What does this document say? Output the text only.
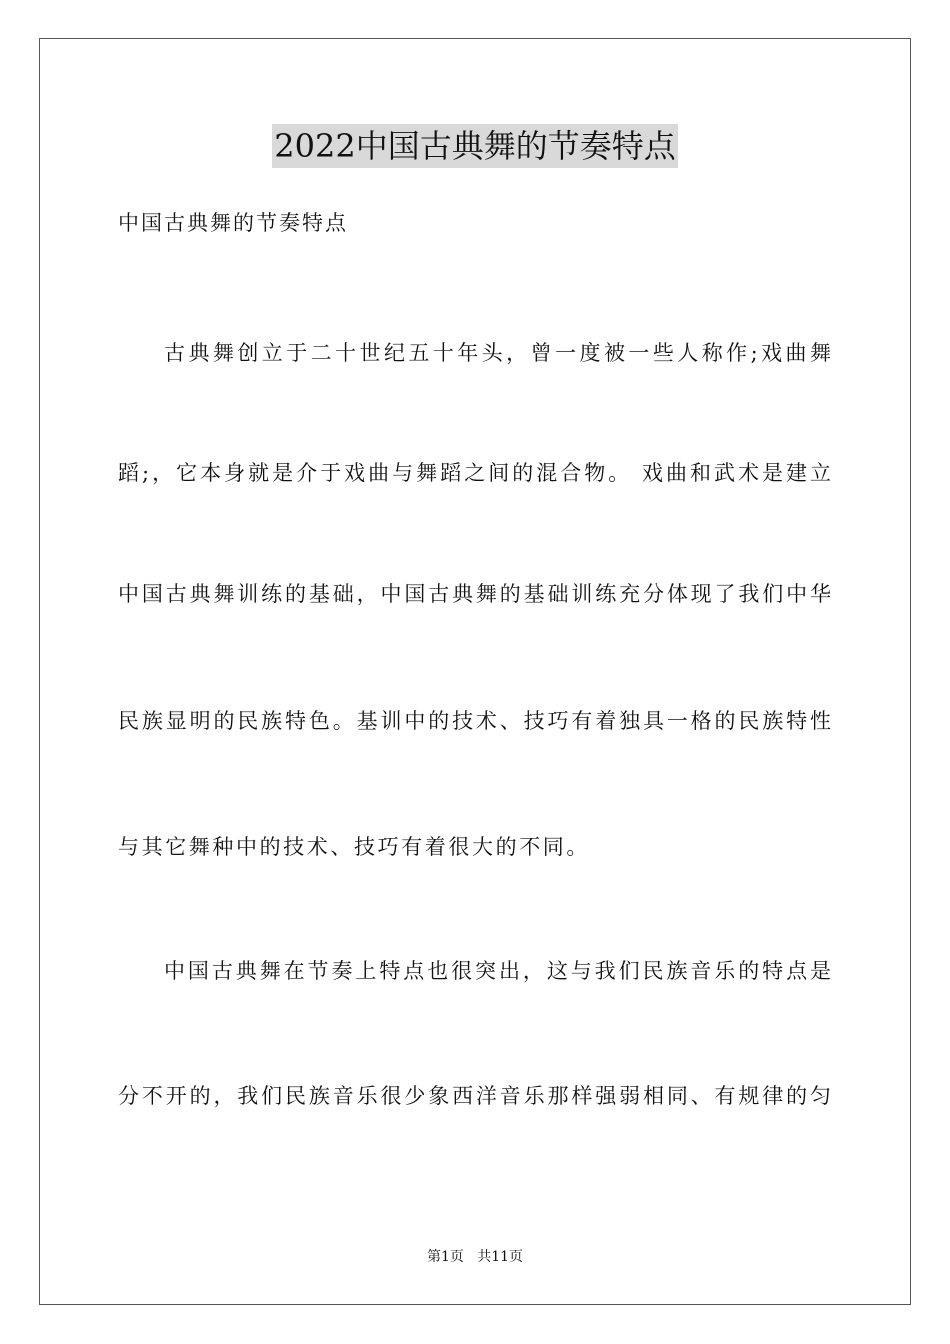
2022中国古典舞的节奏特点
中国古典舞的节奏特点
古典舞创立于二十世纪五十年头，曾一度被一些人称作;戏曲舞
蹈;，它本身就是介于戏曲与舞蹈之间的混合物。 戏曲和武术是建立
中国古典舞训练的基础，中国古典舞的基础训练充分体现了我们中华
民族显明的民族特色。基训中的技术、技巧有着独具一格的民族特性
与其它舞种中的技术、技巧有着很大的不同。
中国古典舞在节奏上特点也很突出，这与我们民族音乐的特点是
分不开的，我们民族音乐很少象西洋音乐那样强弱相同、有规律的匀
第1页   共11页
